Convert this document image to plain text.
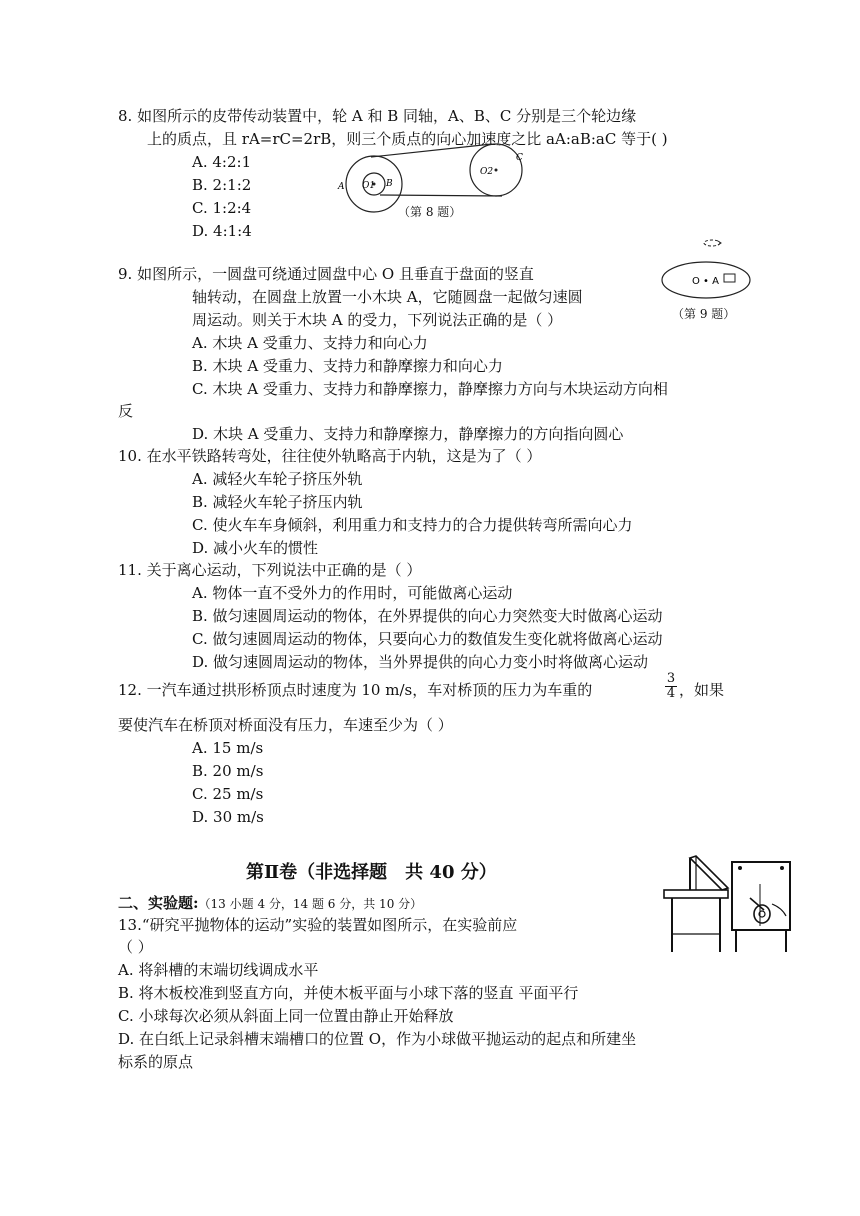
8. 如图所示的皮带传动装置中，轮 A 和 B 同轴，A、B、C 分别是三个轮边缘
上的质点，且 rA=rC=2rB，则三个质点的向心加速度之比 aA:aB:aC 等于( )
A. 4:2:1
B. 2:1:2
C. 1:2:4
D. 4:1:4
A O1 B
O2
C
（第 8 题）
9. 如图所示，一圆盘可绕通过圆盘中心 O 且垂直于盘面的竖直
轴转动，在圆盘上放置一小木块 A，它随圆盘一起做匀速圆
周运动。则关于木块 A 的受力，下列说法正确的是（ ）
A. 木块 A 受重力、支持力和向心力
B. 木块 A 受重力、支持力和静摩擦力和向心力
C. 木块 A 受重力、支持力和静摩擦力，静摩擦力方向与木块运动方向相
反
D. 木块 A 受重力、支持力和静摩擦力，静摩擦力的方向指向圆心
O • A
（第 9 题）
10. 在水平铁路转弯处，往往使外轨略高于内轨，这是为了（ ）
A. 减轻火车轮子挤压外轨
B. 减轻火车轮子挤压内轨
C. 使火车车身倾斜，利用重力和支持力的合力提供转弯所需向心力
D. 减小火车的惯性
11. 关于离心运动，下列说法中正确的是（ ）
A. 物体一直不受外力的作用时，可能做离心运动
B. 做匀速圆周运动的物体，在外界提供的向心力突然变大时做离心运动
C. 做匀速圆周运动的物体，只要向心力的数值发生变化就将做离心运动
D. 做匀速圆周运动的物体，当外界提供的向心力变小时将做离心运动
12. 一汽车通过拱形桥顶点时速度为 10 m/s，车对桥顶的压力为车重的	$\frac{3}{4}$ ，如果
要使汽车在桥顶对桥面没有压力，车速至少为（ ）
A. 15 m/s
B. 20 m/s
C. 25 m/s
D. 30 m/s
第Ⅱ卷（非选择题　共 40 分）
二、实验题:（13 小题 4 分，14 题 6 分，共 10 分）
13.“研究平抛物体的运动”实验的装置如图所示，在实验前应
（ ）
A. 将斜槽的末端切线调成水平
B. 将木板校准到竖直方向，并使木板平面与小球下落的竖直 平面平行
C. 小球每次必须从斜面上同一位置由静止开始释放
D. 在白纸上记录斜槽末端槽口的位置 O，作为小球做平抛运动的起点和所建坐
标系的原点
